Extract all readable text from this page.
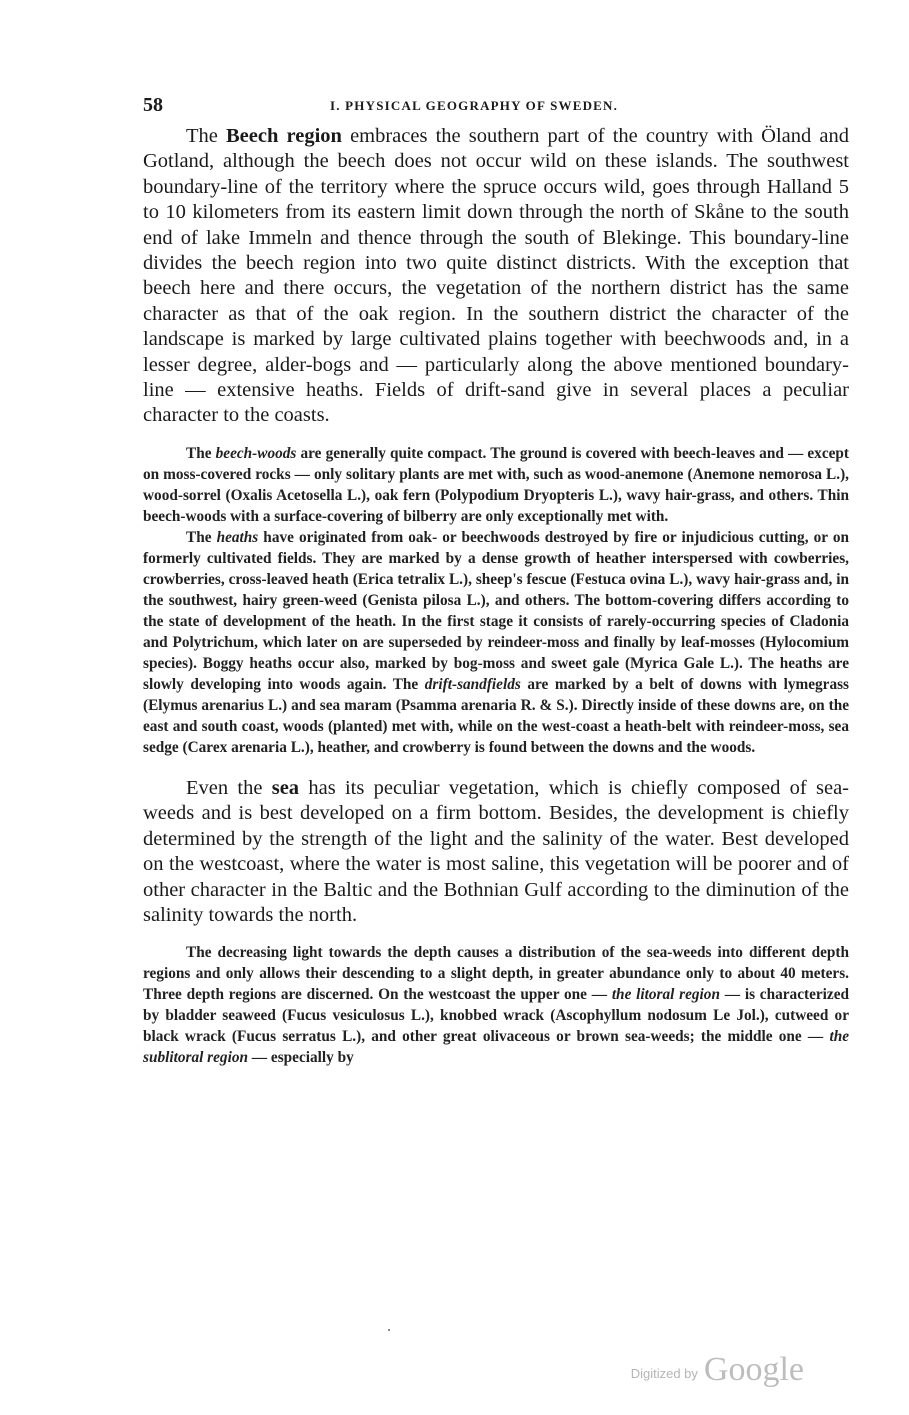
58	I. PHYSICAL GEOGRAPHY OF SWEDEN.

The Beech region embraces the southern part of the country with Öland and Gotland, although the beech does not occur wild on these islands. The southwest boundary-line of the territory where the spruce occurs wild, goes through Halland 5 to 10 kilometers from its eastern limit down through the north of Skåne to the south end of lake Immeln and thence through the south of Blekinge. This boundary-line divides the beech region into two quite distinct districts. With the exception that beech here and there occurs, the vegetation of the northern district has the same character as that of the oak region. In the southern district the character of the landscape is marked by large cultivated plains together with beechwoods and, in a lesser degree, alder-bogs and — particularly along the above mentioned boundary-line — extensive heaths. Fields of drift-sand give in several places a peculiar character to the coasts.

The beech-woods are generally quite compact. The ground is covered with beech-leaves and — except on moss-covered rocks — only solitary plants are met with, such as wood-anemone (Anemone nemorosa L.), wood-sorrel (Oxalis Acetosella L.), oak fern (Polypodium Dryopteris L.), wavy hair-grass, and others. Thin beech-woods with a surface-covering of bilberry are only exceptionally met with.

The heaths have originated from oak- or beechwoods destroyed by fire or injudicious cutting, or on formerly cultivated fields. They are marked by a dense growth of heather interspersed with cowberries, crowberries, cross-leaved heath (Erica tetralix L.), sheep's fescue (Festuca ovina L.), wavy hair-grass and, in the southwest, hairy green-weed (Genista pilosa L.), and others. The bottom-covering differs according to the state of development of the heath. In the first stage it consists of rarely-occurring species of Cladonia and Polytrichum, which later on are superseded by reindeer-moss and finally by leaf-mosses (Hylocomium species). Boggy heaths occur also, marked by bog-moss and sweet gale (Myrica Gale L.). The heaths are slowly developing into woods again. The drift-sandfields are marked by a belt of downs with lymegrass (Elymus arenarius L.) and sea maram (Psamma arenaria R. & S.). Directly inside of these downs are, on the east and south coast, woods (planted) met with, while on the west-coast a heath-belt with reindeer-moss, sea sedge (Carex arenaria L.), heather, and crowberry is found between the downs and the woods.

Even the sea has its peculiar vegetation, which is chiefly composed of sea-weeds and is best developed on a firm bottom. Besides, the development is chiefly determined by the strength of the light and the salinity of the water. Best developed on the westcoast, where the water is most saline, this vegetation will be poorer and of other character in the Baltic and the Bothnian Gulf according to the diminution of the salinity towards the north.

The decreasing light towards the depth causes a distribution of the sea-weeds into different depth regions and only allows their descending to a slight depth, in greater abundance only to about 40 meters. Three depth regions are discerned. On the westcoast the upper one — the litoral region — is characterized by bladder seaweed (Fucus vesiculosus L.), knobbed wrack (Ascophyllum nodosum Le Jol.), cutweed or black wrack (Fucus serratus L.), and other great olivaceous or brown sea-weeds; the middle one — the sublitoral region — especially by

Digitized by Google
